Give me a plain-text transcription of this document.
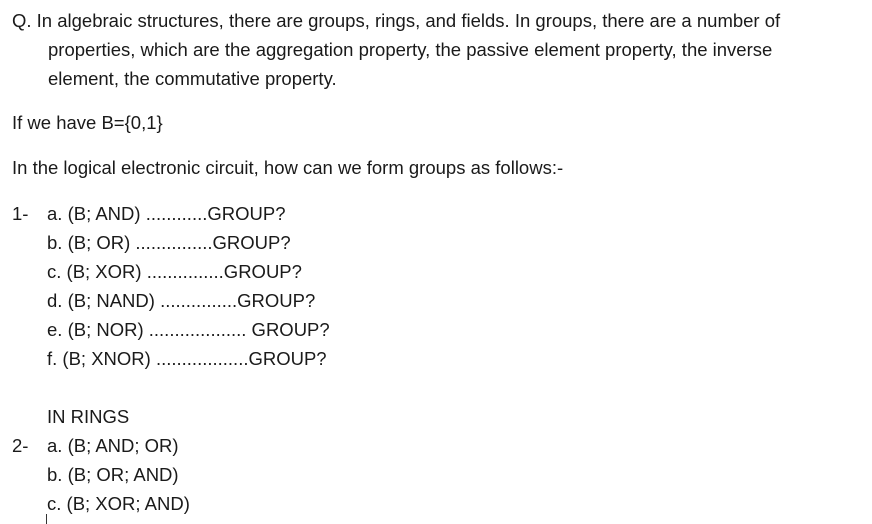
Q. In algebraic structures, there are groups, rings, and fields. In groups, there are a number of
properties, which are the aggregation property, the passive element property, the inverse
element, the commutative property.
If we have B={0,1}
In the logical electronic circuit, how can we form groups as follows:-
1- a. (B; AND) ............GROUP?
b. (B; OR) ...............GROUP?
c. (B; XOR) ...............GROUP?
d. (B; NAND) ...............GROUP?
e. (B; NOR) ................... GROUP?
f. (B; XNOR) ..................GROUP?
IN RINGS
2- a. (B; AND; OR)
b. (B; OR; AND)
c. (B; XOR; AND)
